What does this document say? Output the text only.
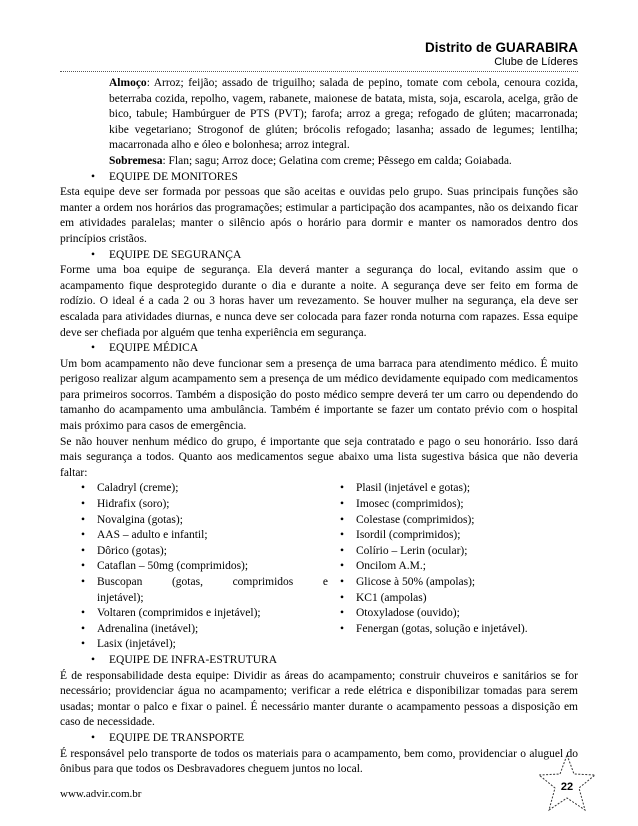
Distrito de GUARABIRA
Clube de Líderes

Almoço: Arroz; feijão; assado de triguilho; salada de pepino, tomate com cebola, cenoura cozida, beterraba cozida, repolho, vagem, rabanete, maionese de batata, mista, soja, escarola, acelga, grão de bico, tabule; Hambúrguer de PTS (PVT); farofa; arroz a grega; refogado de glúten; macarronada; kibe vegetariano; Strogonof de glúten; brócolis refogado; lasanha; assado de legumes; lentilha; macarronada alho e óleo e bolonhesa; arroz integral.

Sobremesa: Flan; sagu; Arroz doce; Gelatina com creme; Pêssego em calda; Goiabada.

• EQUIPE DE MONITORES

Esta equipe deve ser formada por pessoas que são aceitas e ouvidas pelo grupo. Suas principais funções são manter a ordem nos horários das programações; estimular a participação dos acampantes, não os deixando ficar em atividades paralelas; manter o silêncio após o horário para dormir e manter os namorados dentro dos princípios cristãos.

• EQUIPE DE SEGURANÇA

Forme uma boa equipe de segurança. Ela deverá manter a segurança do local, evitando assim que o acampamento fique desprotegido durante o dia e durante a noite. A segurança deve ser feito em forma de rodízio. O ideal é a cada 2 ou 3 horas haver um revezamento. Se houver mulher na segurança, ela deve ser escalada para atividades diurnas, e nunca deve ser colocada para fazer ronda noturna com rapazes. Essa equipe deve ser chefiada por alguém que tenha experiência em segurança.

• EQUIPE MÉDICA

Um bom acampamento não deve funcionar sem a presença de uma barraca para atendimento médico. É muito perigoso realizar algum acampamento sem a presença de um médico devidamente equipado com medicamentos para primeiros socorros. Também a disposição do posto médico sempre deverá ter um carro ou dependendo do tamanho do acampamento uma ambulância. Também é importante se fazer um contato prévio com o hospital mais próximo para casos de emergência.

Se não houver nenhum médico do grupo, é importante que seja contratado e pago o seu honorário. Isso dará mais segurança a todos. Quanto aos medicamentos segue abaixo uma lista sugestiva básica que não deveria faltar:

• Caladryl (creme);
• Hidrafix (soro);
• Novalgina (gotas);
• AAS – adulto e infantil;
• Dôrico (gotas);
• Cataflan – 50mg (comprimidos);
• Buscopan (gotas, comprimidos e injetável);
• Voltaren (comprimidos e injetável);
• Adrenalina (inetável);
• Lasix (injetável);
• Plasil (injetável e gotas);
• Imosec (comprimidos);
• Colestase (comprimidos);
• Isordil (comprimidos);
• Colírio – Lerin (ocular);
• Oncilom A.M.;
• Glicose à 50% (ampolas);
• KC1 (ampolas)
• Otoxyladose (ouvido);
• Fenergan (gotas, solução e injetável).

• EQUIPE DE INFRA-ESTRUTURA

É de responsabilidade desta equipe: Dividir as áreas do acampamento; construir chuveiros e sanitários se for necessário; providenciar água no acampamento; verificar a rede elétrica e disponibilizar tomadas para serem usadas; montar o palco e fixar o painel. É necessário manter durante o acampamento pessoas a disposição em caso de necessidade.

• EQUIPE DE TRANSPORTE

É responsável pelo transporte de todos os materiais para o acampamento, bem como, providenciar o aluguel do ônibus para que todos os Desbravadores cheguem juntos no local.

www.advir.com.br
22
